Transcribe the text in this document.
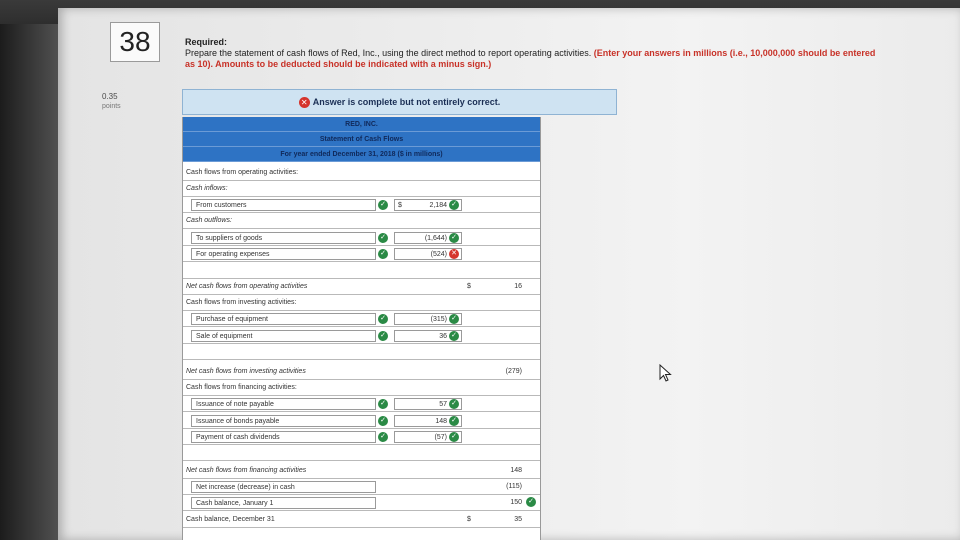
38
0.35
points
Required:
Prepare the statement of cash flows of Red, Inc., using the direct method to report operating activities. (Enter your answers in millions (i.e., 10,000,000 should be entered as 10). Amounts to be deducted should be indicated with a minus sign.)
✕ Answer is complete but not entirely correct.
RED, INC.
Statement of Cash Flows
For year ended December 31, 2018 ($ in millions)
Cash flows from operating activities:
Cash inflows:
From customers	✓ $	2,184 ✓
Cash outflows:
To suppliers of goods	✓	(1,644) ✓
For operating expenses	✓	(524) ✕
Net cash flows from operating activities	$	16
Cash flows from investing activities:
Purchase of equipment	✓	(315) ✓
Sale of equipment	✓	36 ✓
Net cash flows from investing activities	(279)
Cash flows from financing activities:
Issuance of note payable	✓	57 ✓
Issuance of bonds payable	✓	148 ✓
Payment of cash dividends	✓	(57) ✓
Net cash flows from financing activities	148
Net increase (decrease) in cash	(115)
Cash balance, January 1	150 ✓
Cash balance, December 31	$	35
